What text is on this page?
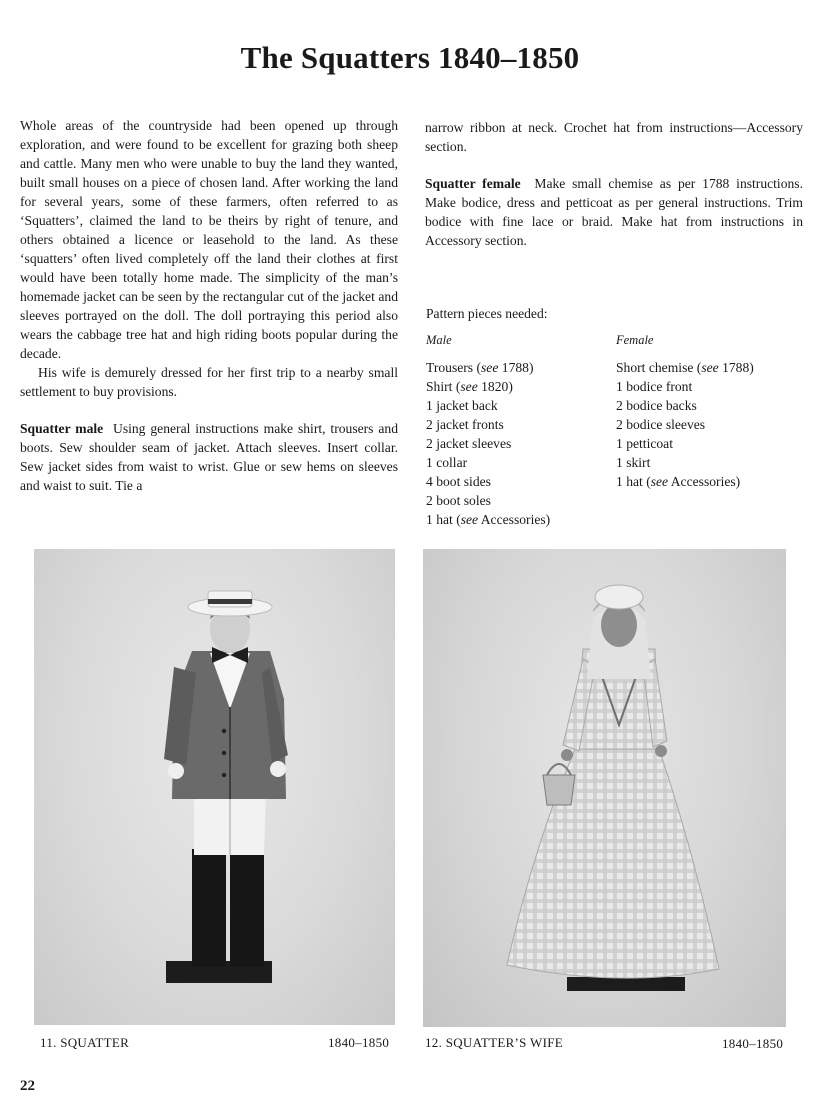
The Squatters 1840–1850

Whole areas of the countryside had been opened up through exploration, and were found to be excellent for grazing both sheep and cattle. Many men who were unable to buy the land they wanted, built small houses on a piece of chosen land. After working the land for several years, some of these farmers, often referred to as ‘Squatters’, claimed the land to be theirs by right of tenure, and others obtained a licence or leasehold to the land. As these ‘squatters’ often lived completely off the land their clothes at first would have been totally home made. The simplicity of the man’s homemade jacket can be seen by the rectangular cut of the jacket and sleeves portrayed on the doll. The doll portraying this period also wears the cabbage tree hat and high riding boots popular during the decade.

His wife is demurely dressed for her first trip to a nearby small settlement to buy provisions.

Squatter male Using general instructions make shirt, trousers and boots. Sew shoulder seam of jacket. Attach sleeves. Insert collar. Sew jacket sides from waist to wrist. Glue or sew hems on sleeves and waist to suit. Tie a

narrow ribbon at neck. Crochet hat from instructions—Accessory section.

Squatter female Make small chemise as per 1788 instructions. Make bodice, dress and petticoat as per general instructions. Trim bodice with fine lace or braid. Make hat from instructions in Accessory section.

Pattern pieces needed:
Male
Trousers (see 1788)
Shirt (see 1820)
1 jacket back
2 jacket fronts
2 jacket sleeves
1 collar
4 boot sides
2 boot soles
1 hat (see Accessories)
Female
Short chemise (see 1788)
1 bodice front
2 bodice backs
2 bodice sleeves
1 petticoat
1 skirt
1 hat (see Accessories)
11. SQUATTER	1840–1850	12. SQUATTER’S WIFE	1840–1850
22
